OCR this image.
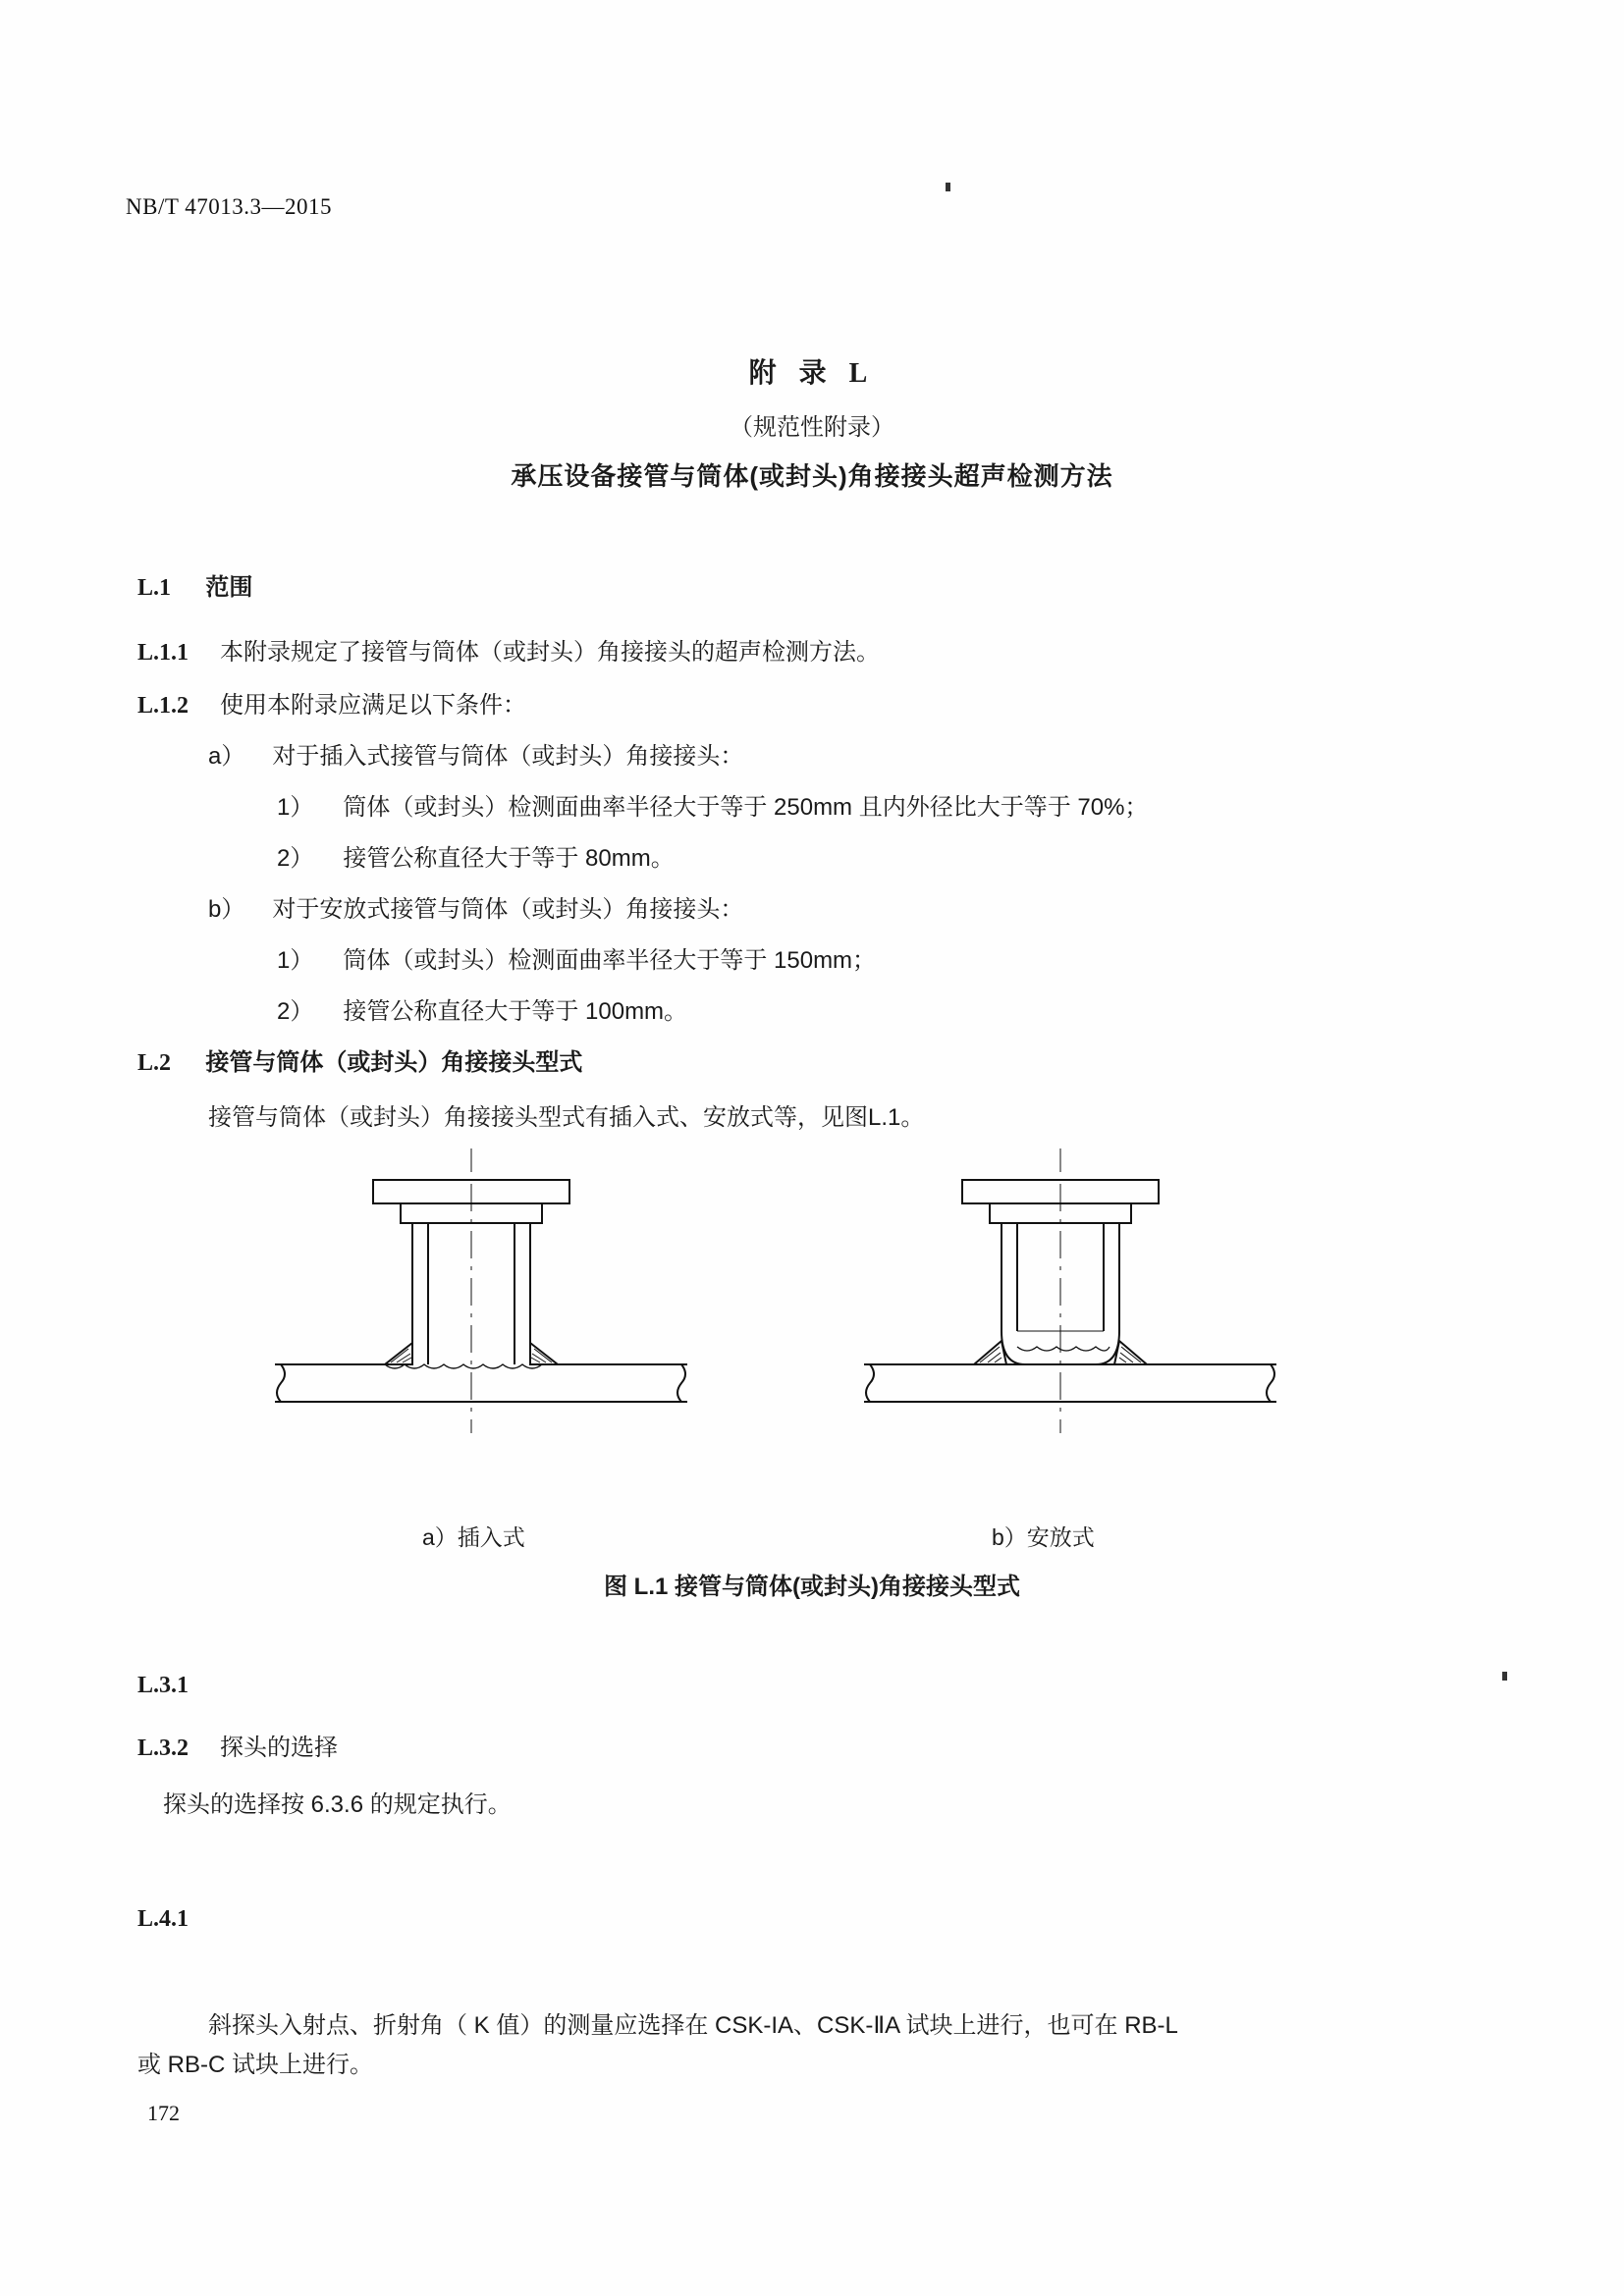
NB/T 47013.3—2015
附 录 L
（规范性附录）
承压设备接管与筒体(或封头)角接接头超声检测方法
L.1 范围
L.1.1 本附录规定了接管与筒体（或封头）角接接头的超声检测方法。
L.1.2 使用本附录应满足以下条件：
a） 对于插入式接管与筒体（或封头）角接接头：
1） 筒体（或封头）检测面曲率半径大于等于 250mm 且内外径比大于等于 70%；
2） 接管公称直径大于等于 80mm。
b） 对于安放式接管与筒体（或封头）角接接头：
1） 筒体（或封头）检测面曲率半径大于等于 150mm；
2） 接管公称直径大于等于 100mm。
L.2 接管与筒体（或封头）角接接头型式
接管与筒体（或封头）角接接头型式有插入式、安放式等，见图L.1。
a）插入式	b）安放式
图 L.1 接管与筒体(或封头)角接接头型式
L.3.1
L.3.2 探头的选择
探头的选择按 6.3.6 的规定执行。
L.4.1
斜探头入射点、折射角（ K 值）的测量应选择在 CSK-IA、CSK-ⅡA 试块上进行，也可在 RB-L
或 RB-C 试块上进行。
172
